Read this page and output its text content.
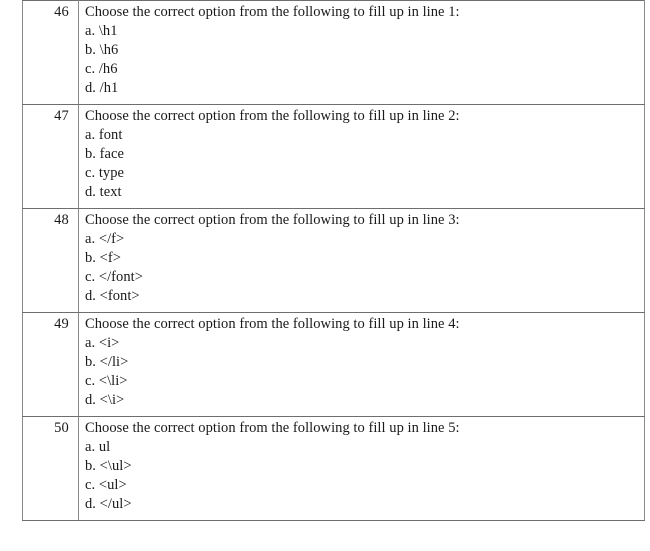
46	Choose the correct option from the following to fill up in line 1:
a. \h1
b. \h6
c. /h6
d. /h1

47	Choose the correct option from the following to fill up in line 2:
a. font
b. face
c. type
d. text

48	Choose the correct option from the following to fill up in line 3:
a. </f>
b. <f>
c. </font>
d. <font>

49	Choose the correct option from the following to fill up in line 4:
a. <i>
b. </li>
c. <\li>
d. <\i>

50	Choose the correct option from the following to fill up in line 5:
a. ul
b. <\ul>
c. <ul>
d. </ul>
